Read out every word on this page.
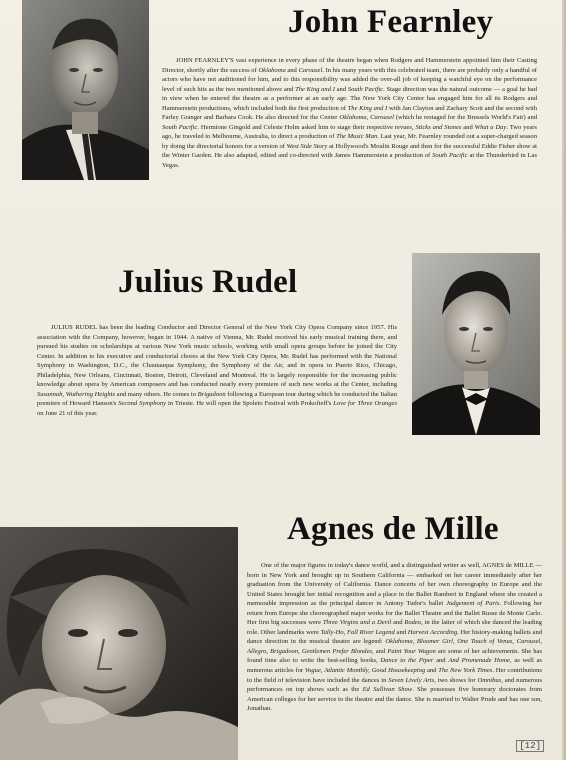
John Fearnley

JOHN FEARNLEY'S vast experience in every phase of the theatre began when Rodgers and Hammerstein appointed him their Casting Director, shortly after the success of Oklahoma and Carousel. In his many years with this celebrated team, there are probably only a handful of actors who have not auditioned for him, and to this responsibility was added the over-all job of keeping a watchful eye on the performance level of such hits as the two mentioned above and The King and I and South Pacific. Stage direction was the natural outcome — a goal he had in view when he entered the theatre as a performer at an early age. The New York City Center has engaged him for all its Rodgers and Hammerstein productions, which included both the first production of The King and I with Jan Clayton and Zachary Scott and the second with Farley Granger and Barbara Cook. He also directed for the Center Oklahoma, Carousel (which he restaged for the Brussels World's Fair) and South Pacific. Hermione Gingold and Celeste Holm asked him to stage their respective revues, Sticks and Stones and What a Day. Two years ago, he traveled to Melbourne, Australia, to direct a production of The Music Man. Last year, Mr. Fearnley rounded out a super-charged season by doing the directorial honors for a version of West Side Story at Hollywood's Moulin Rouge and then for the successful Eddie Fisher show at the Winter Garden. He also adapted, edited and co-directed with James Hammerstein a production of South Pacific at the Thunderbird in Las Vegas.

Julius Rudel

JULIUS RUDEL has been the leading Conductor and Director General of the New York City Opera Company since 1957. His association with the Company, however, began in 1944. A native of Vienna, Mr. Rudel received his early musical training there, and pursued his studies on scholarships at various New York music schools, working with small opera groups before he joined the City Center. In addition to his executive and conductorial chores at the New York City Opera, Mr. Rudel has performed with the National Symphony in Washington, D.C., the Chautauqua Symphony, the Symphony of the Air, and in opera in Puerto Rico, Chicago, Philadelphia, New Orleans, Cincinnati, Boston, Detroit, Cleveland and Montreal. He is largely responsible for the increasing public knowledge about opera by American composers and has conducted nearly every premiere of such new works at the Center, including Susannah, Wuthering Heights and many others. He comes to Brigadoon following a European tour during which he conducted the Italian premiere of Howard Hanson's Second Symphony in Trieste. He will open the Spoleto Festival with Prokofieff's Love for Three Oranges on June 21 of this year.

Agnes de Mille

One of the major figures in today's dance world, and a distinguished writer as well, AGNES de MILLE — born in New York and brought up in Southern California — embarked on her career immediately after her graduation from the University of California. Dance concerts of her own choreography in Europe and the United States brought her initial recognition and a place in the Ballet Rambert in England where she created a memorable impression as the principal dancer in Antony Tudor's ballet Judgement of Paris. Following her return from Europe she choreographed major works for the Ballet Theatre and the Ballet Russe de Monte Carlo. Her first big successes were Three Virgins and a Devil and Rodeo, in the latter of which she danced the leading role. Other landmarks were Tally-Ho, Fall River Legend and Harvest According. Her history-making ballets and dance direction in the musical theatre are legend: Oklahoma, Bloomer Girl, One Touch of Venus, Carousel, Allegro, Brigadoon, Gentlemen Prefer Blondes, and Paint Your Wagon are some of her achievements. She has found time also to write the best-selling books, Dance to the Piper and And Promenade Home, as well as numerous articles for Vogue, Atlantic Monthly, Good Housekeeping and The New York Times. Her contributions to the field of television have included the dances in Seven Lively Arts, two shows for Omnibus, and numerous performances on top shows such as the Ed Sullivan Show. She possesses five honorary doctorates from American colleges for her service to the theatre and the dance. She is married to Walter Prude and has one son, Jonathan.

[12]
